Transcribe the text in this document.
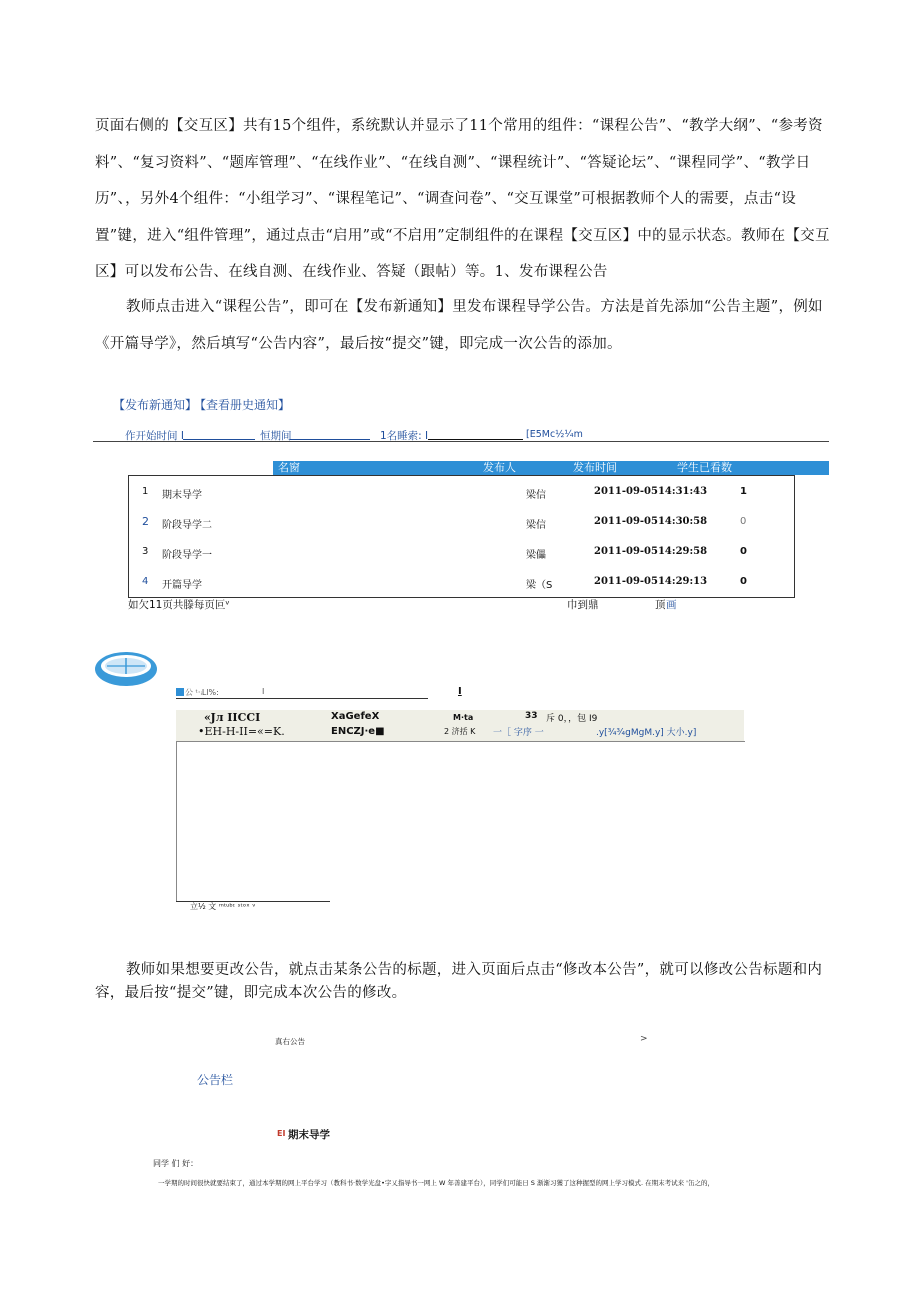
页面右侧的【交互区】共有15个组件，系统默认并显示了11个常用的组件：“课程公告”、“教学大纲”、“参考资料”、“复习资料”、“题库管理”、“在线作业”、“在线自测”、“课程统计”、“答疑论坛”、“课程同学”、“教学日历”、，另外4个组件：“小组学习”、“课程笔记”、“调查问卷”、“交互课堂”可根据教师个人的需要，点击“设置”键，进入“组件管理”，通过点击“启用”或“不启用”定制组件的在课程【交互区】中的显示状态。教师在【交互区】可以发布公告、在线自测、在线作业、答疑（跟帖）等。1、发布课程公告

教师点击进入“课程公告”，即可在【发布新通知】里发布课程导学公告。方法是首先添加“公告主题”，例如《开篇导学》，然后填写“公告内容”，最后按“提交”键，即完成一次公告的添加。

【发布新通知】
【查看册史通知】
作开始时间 I	恒期间	1名睡索: I	[E5Mc½¼m
名窗	发布人	发布时间	学生已看数
1 期末导学	梁信	2011-09-0514:31:43	1
2 阶段导学二	梁信	2011-09-0514:30:58	0
3 阶段导学一	梁儡	2011-09-0514:29:58	0
4 开篇导学	梁（S	2011-09-0514:29:13	0
如欠11页共滕每页叵ᵛ	巾到鼎	顶 画
公 ᵗ·ᵢLl%:	I	I
«Jл IICCI	XaGefeX	M·ta	33 斥 0，，包 I9
•EH-H-II=«=K.	ENCZJ·e■	2 济括 K 一［ 字序 一	.y[¾¾gMgM.y] 大小.y]
立½ 文 ᵐᵗᵘᵇᶦ ˢᵗᵒˣ ᵛ

教师如果想要更改公告，就点击某条公告的标题，进入页面后点击“修改本公告”，就可以修改公告标题和内容，最后按“提交”键，即完成本次公告的修改。

真右公告	>
公告栏
EI 期末导学
同学 们 好：
一学期的时间很快就要结束了，通过本学期的网上平台学习（教科书·数学光盘•字乂指导书一网上 W 年善建平台），同学们可能日 S 渐渐习獲了这种握型的网上学习模式. 在期末考试来 '缶之的，
